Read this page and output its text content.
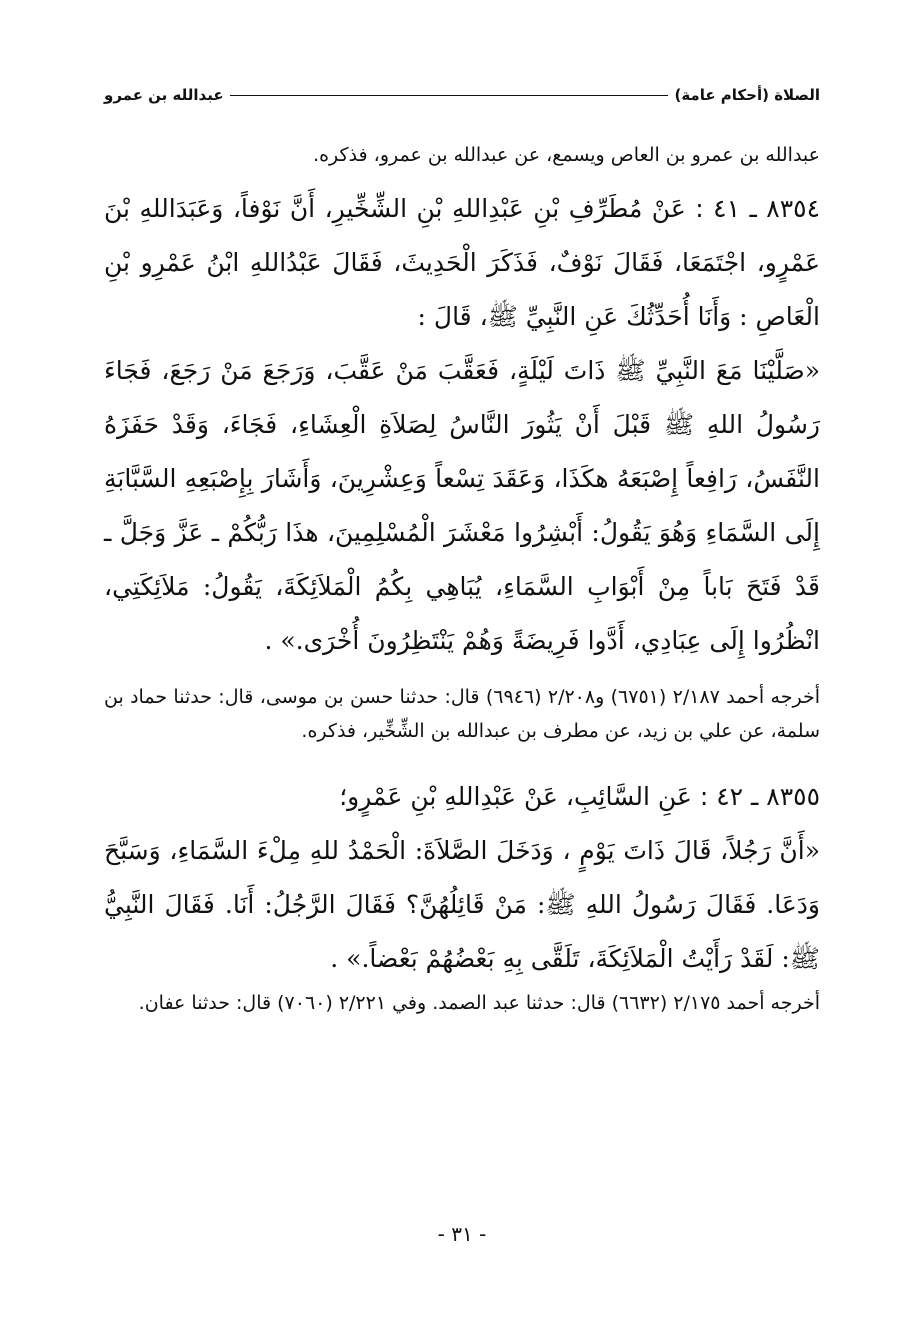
الصلاة (أحكام عامة)
عبدالله بن عمرو

عبدالله بن عمرو بن العاص ويسمع، عن عبدالله بن عمرو، فذكره.

٨٣٥٤ ـ ٤١ : عَنْ مُطَرِّفِ بْنِ عَبْدِاللهِ بْنِ الشِّخِّيرِ، أَنَّ نَوْفاً، وَعَبَدَاللهِ بْنَ عَمْرٍو، اجْتَمَعَا، فَقَالَ نَوْفٌ، فَذَكَرَ الْحَدِيثَ، فَقَالَ عَبْدُاللهِ ابْنُ عَمْرِو بْنِ الْعَاصِ : وَأَنَا أُحَدِّثُكَ عَنِ النَّبِيِّ ﷺ، قَالَ :

«صَلَّيْنَا مَعَ النَّبِيِّ ﷺ ذَاتَ لَيْلَةٍ، فَعَقَّبَ مَنْ عَقَّبَ، وَرَجَعَ مَنْ رَجَعَ، فَجَاءَ رَسُولُ اللهِ ﷺ قَبْلَ أَنْ يَثُورَ النَّاسُ لِصَلاَةِ الْعِشَاءِ، فَجَاءَ، وَقَدْ حَفَزَهُ النَّفَسُ، رَافِعاً إِصْبَعَهُ هكَذَا، وَعَقَدَ تِسْعاً وَعِشْرِينَ، وَأَشَارَ بِإِصْبَعِهِ السَّبَّابَةِ إِلَى السَّمَاءِ وَهُوَ يَقُولُ: أَبْشِرُوا مَعْشَرَ الْمُسْلِمِينَ، هذَا رَبُّكُمْ ـ عَزَّ وَجَلَّ ـ قَدْ فَتَحَ بَاباً مِنْ أَبْوَابِ السَّمَاءِ، يُبَاهِي بِكُمُ الْمَلاَئِكَةَ، يَقُولُ: مَلاَئِكَتِي، انْظُرُوا إِلَى عِبَادِي، أَدَّوا فَرِيضَةً وَهُمْ يَنْتَظِرُونَ أُخْرَى.» .

أخرجه أحمد ٢/١٨٧ (٦٧٥١) و٢/٢٠٨ (٦٩٤٦) قال: حدثنا حسن بن موسى، قال: حدثنا حماد بن سلمة، عن علي بن زيد، عن مطرف بن عبدالله بن الشِّخِّير، فذكره.

٨٣٥٥ ـ ٤٢ : عَنِ السَّائِبِ، عَنْ عَبْدِاللهِ بْنِ عَمْرٍو؛

«أَنَّ رَجُلاً، قَالَ ذَاتَ يَوْمٍ ، وَدَخَلَ الصَّلاَةَ: الْحَمْدُ للهِ مِلْءَ السَّمَاءِ، وَسَبَّحَ وَدَعَا. فَقَالَ رَسُولُ اللهِ ﷺ: مَنْ قَائِلُهُنَّ؟ فَقَالَ الرَّجُلُ: أَنَا. فَقَالَ النَّبِيُّ ﷺ: لَقَدْ رَأَيْتُ الْمَلاَئِكَةَ، تَلَقَّى بِهِ بَعْضُهُمْ بَعْضاً.» .

أخرجه أحمد ٢/١٧٥ (٦٦٣٢) قال: حدثنا عبد الصمد. وفي ٢/٢٢١ (٧٠٦٠) قال: حدثنا عفان.

- ٣١ -
